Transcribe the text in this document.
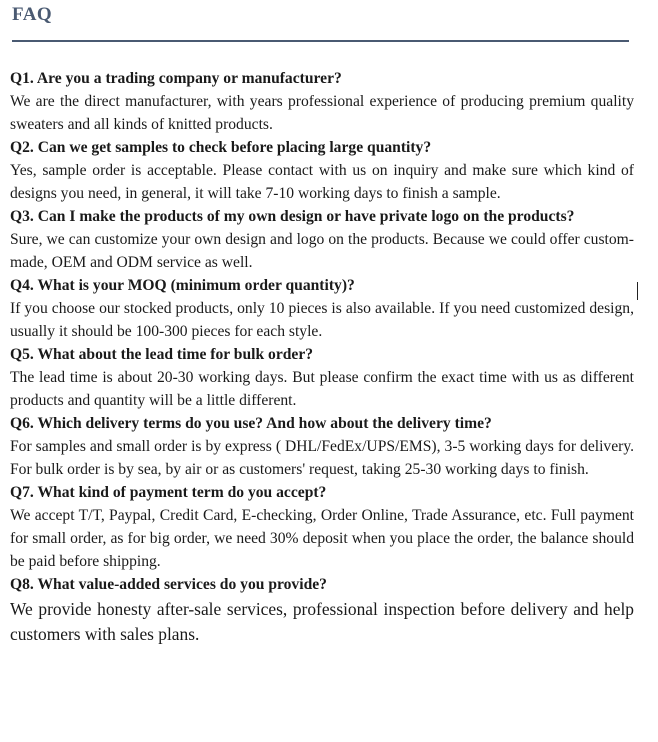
FAQ

Q1. Are you a trading company or manufacturer?

We are the direct manufacturer, with years professional experience of producing premium quality sweaters and all kinds of knitted products.

Q2. Can we get samples to check before placing large quantity?

Yes, sample order is acceptable. Please contact with us on inquiry and make sure which kind of designs you need, in general, it will take 7-10 working days to finish a sample.

Q3. Can I make the products of my own design or have private logo on the products?

Sure, we can customize your own design and logo on the products. Because we could offer custom-made, OEM and ODM service as well.

Q4. What is your MOQ (minimum order quantity)?

If you choose our stocked products, only 10 pieces is also available. If you need customized design, usually it should be 100-300 pieces for each style.

Q5. What about the lead time for bulk order?

The lead time is about 20-30 working days. But please confirm the exact time with us as different products and quantity will be a little different.

Q6. Which delivery terms do you use? And how about the delivery time?

For samples and small order is by express ( DHL/FedEx/UPS/EMS), 3-5 working days for delivery. For bulk order is by sea, by air or as customers' request, taking 25-30 working days to finish.

Q7. What kind of payment term do you accept?

We accept T/T, Paypal, Credit Card, E-checking, Order Online, Trade Assurance, etc. Full payment for small order, as for big order, we need 30% deposit when you place the order, the balance should be paid before shipping.

Q8. What value-added services do you provide?

We provide honesty after-sale services, professional inspection before delivery and help customers with sales plans.
